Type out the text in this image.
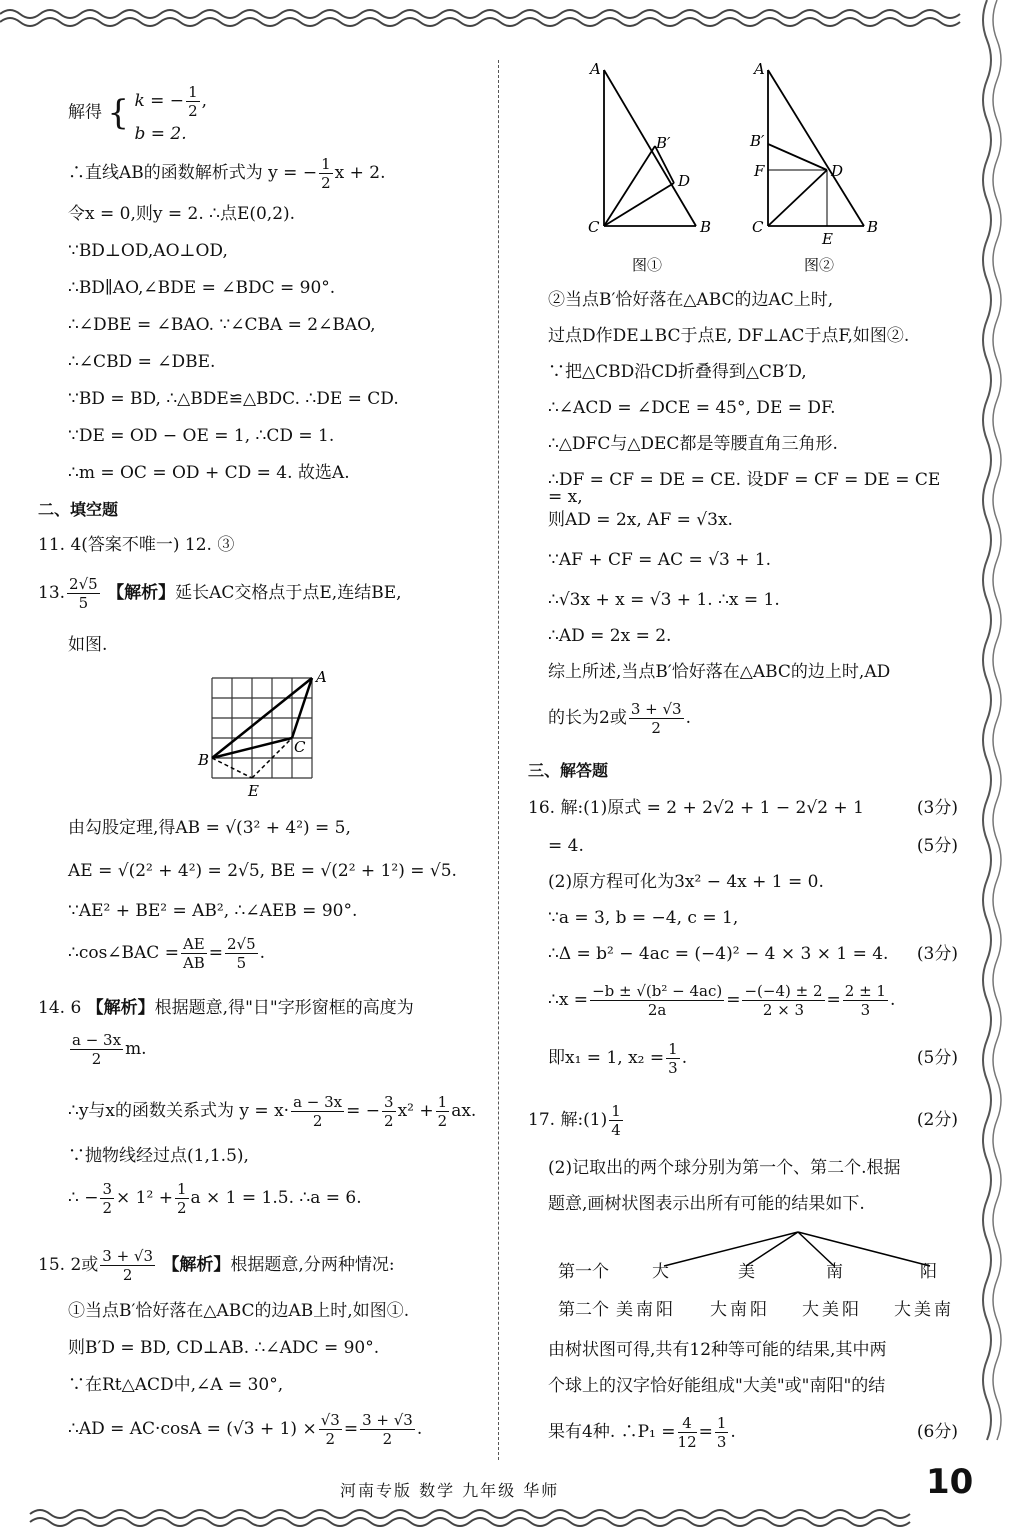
解得 { k = − $\frac{1}{2}$ ,
b = 2.
∴直线AB的函数解析式为 y = − $\frac{1}{2}$ x + 2.
令x = 0,则y = 2. ∴点E(0,2).
∵BD⊥OD,AO⊥OD,
∴BD∥AO,∠BDE = ∠BDC = 90°.
∴∠DBE = ∠BAO. ∵∠CBA = 2∠BAO,
∴∠CBD = ∠DBE.
∵BD = BD, ∴△BDE≌△BDC. ∴DE = CD.
∵DE = OD − OE = 1, ∴CD = 1.
∴m = OC = OD + CD = 4. 故选A.
二、填空题
11. 4(答案不唯一) 12. ③
13. $\frac{2√5}{5}$ 【解析】延长AC交格点于点E,连结BE,
如图.
A
B
C
E
由勾股定理,得AB = √(3² + 4²) = 5,
AE = √(2² + 4²) = 2√5, BE = √(2² + 1²) = √5.
∵AE² + BE² = AB², ∴∠AEB = 90°.
∴cos∠BAC = $\frac{AE}{AB} = \frac{2√5}{5}$ .
14. 6 【解析】根据题意,得"日"字形窗框的高度为
$\frac{a - 3x}{2} m$.
∴y与x的函数关系式为 $y = x\cdot \frac{a - 3x}{2}$ = − $\frac{3}{2} x^2 + \frac{1}{2}$ ax.
∵抛物线经过点(1,1.5),
∴ − $\frac{3}{2} \times 1^2 + \frac{1}{2}$ a × 1 = 1.5. ∴a = 6.
15. 2或 $\frac{3 + √3}{2}$ 【解析】根据题意,分两种情况:
①当点B′恰好落在△ABC的边AB上时,如图①.
则B′D = BD, CD⊥AB. ∴∠ADC = 90°.
∵在Rt△ACD中,∠A = 30°,
∴AD = $AC\cdot\cos A = (√3 + 1) \times \frac{√3}{2} = \frac{3 + √3}{2}$ .
A
B′
D
C	B
图①
A
B′
F	D
C
E
B
图②
②当点B′恰好落在△ABC的边AC上时,
过点D作DE⊥BC于点E, DF⊥AC于点F,如图②.
∵把△CBD沿CD折叠得到△CB′D,
∴∠ACD = ∠DCE = 45°, DE = DF.
∴△DFC与△DEC都是等腰直角三角形.
∴DF = CF = DE = CE. 设DF = CF = DE = CE = x,
则AD = 2x, AF = √3x.
∵AF + CF = AC = √3 + 1.
∴√3x + x = √3 + 1. ∴x = 1.
∴AD = 2x = 2.
综上所述,当点B′恰好落在△ABC的边上时,AD
的长为2或 $\frac{3 + √3}{2}$ .
三、解答题
16. 解:(1)原式 = 2 + 2√2 + 1 − 2√2 + 1	(3分)
= 4.	(5分)
(2)原方程可化为3x² − 4x + 1 = 0.
∵a = 3, b = −4, c = 1,
∴Δ = b² − 4ac = (−4)² − 4 × 3 × 1 = 4. (3分)
∴x = $\frac{\text{−b ± √(b² − 4ac)}}{2a} = \frac{-(-4) \pm 2}{2 \times 3} = \frac{2 \pm 1}{3}$ .
即x₁ = 1, $x_2 = \frac{1}{3}$ .	(5分)
17. 解:(1) $\frac{1}{4}$	(2分)
(2)记取出的两个球分别为第一个、第二个.根据
题意,画树状图表示出所有可能的结果如下.
第一个	大	美	南	阳
第二个 美南阳 大南阳 大美阳 大美南
由树状图可得,共有12种等可能的结果,其中两
个球上的汉字恰好能组成"大美"或"南阳"的结
果有4种. ∴P₁ = $\frac{4}{12} = \frac{1}{3}$ .	(6分)
河南专版 数学 九年级 华师	10
